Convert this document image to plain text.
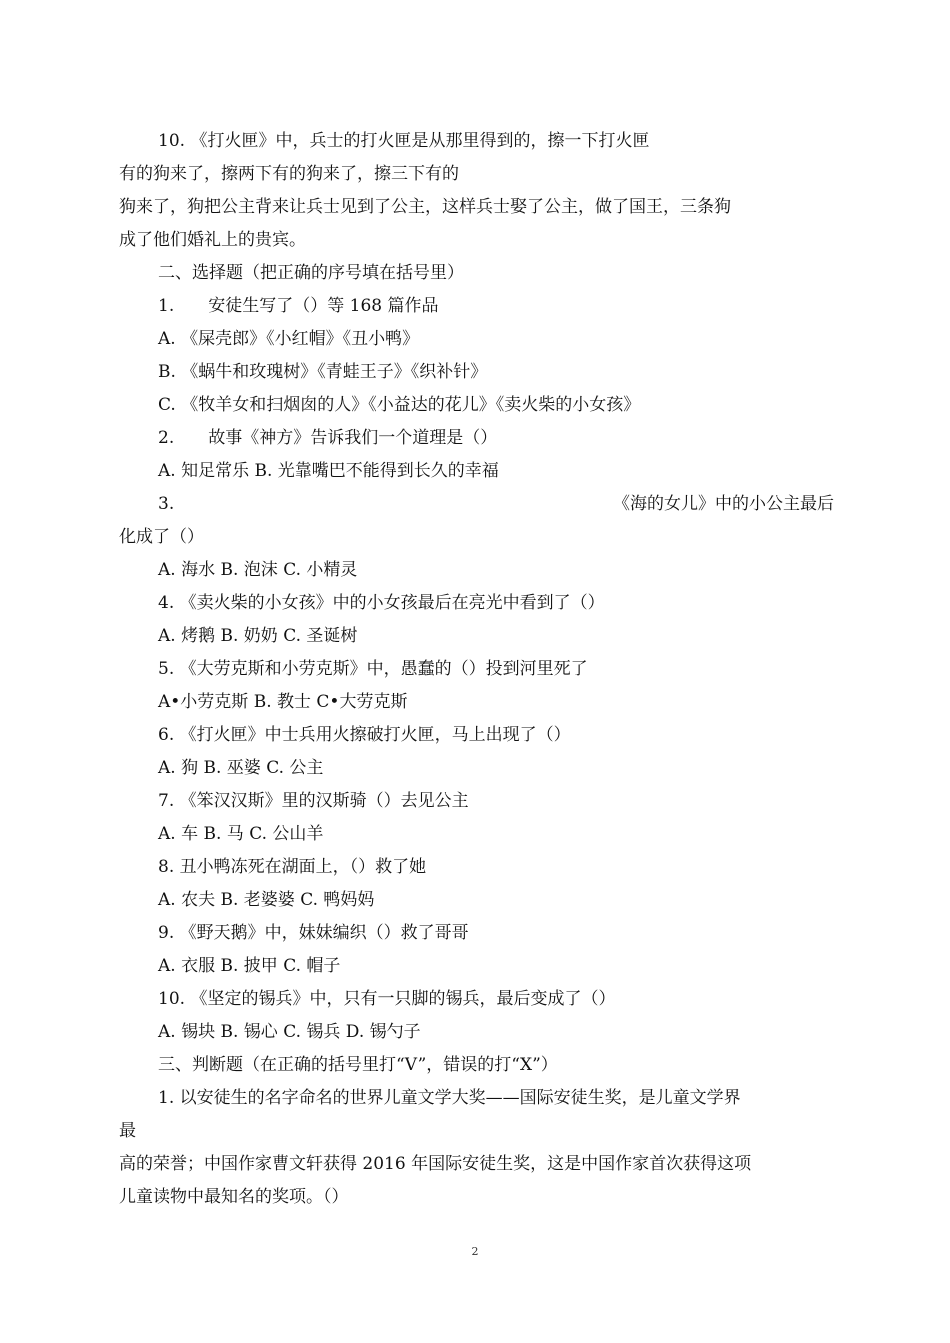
10. 《打火匣》中，兵士的打火匣是从那里得到的，擦一下打火匣
有的狗来了，擦两下有的狗来了，擦三下有的
狗来了，狗把公主背来让兵士见到了公主，这样兵士娶了公主，做了国王，三条狗
成了他们婚礼上的贵宾。
二、选择题（把正确的序号填在括号里）
1.　　安徒生写了（）等 168 篇作品
A. 《屎壳郎》《小红帽》《丑小鸭》
B. 《蜗牛和玫瑰树》《青蛙王子》《织补针》
C. 《牧羊女和扫烟囱的人》《小益达的花儿》《卖火柴的小女孩》
2.　　故事《神方》告诉我们一个道理是（）
A. 知足常乐 B. 光靠嘴巴不能得到长久的幸福
3.	《海的女儿》中的小公主最后
化成了（）
A. 海水 B. 泡沫 C. 小精灵
4. 《卖火柴的小女孩》中的小女孩最后在亮光中看到了（）
A. 烤鹅 B. 奶奶 C. 圣诞树
5. 《大劳克斯和小劳克斯》中，愚蠢的（）投到河里死了
A•小劳克斯 B. 教士 C•大劳克斯
6. 《打火匣》中士兵用火擦破打火匣，马上出现了（）
A. 狗 B. 巫婆 C. 公主
7. 《笨汉汉斯》里的汉斯骑（）去见公主
A. 车 B. 马 C. 公山羊
8. 丑小鸭冻死在湖面上，（）救了她
A. 农夫 B. 老婆婆 C. 鸭妈妈
9. 《野天鹅》中，妹妹编织（）救了哥哥
A. 衣服 B. 披甲 C. 帽子
10. 《坚定的锡兵》中，只有一只脚的锡兵，最后变成了（）
A. 锡块 B. 锡心 C. 锡兵 D. 锡勺子
三、判断题（在正确的括号里打“V”，错误的打“X”）
1. 以安徒生的名字命名的世界儿童文学大奖——国际安徒生奖，是儿童文学界
最
高的荣誉；中国作家曹文轩获得 2016 年国际安徒生奖，这是中国作家首次获得这项
儿童读物中最知名的奖项。（）
2
